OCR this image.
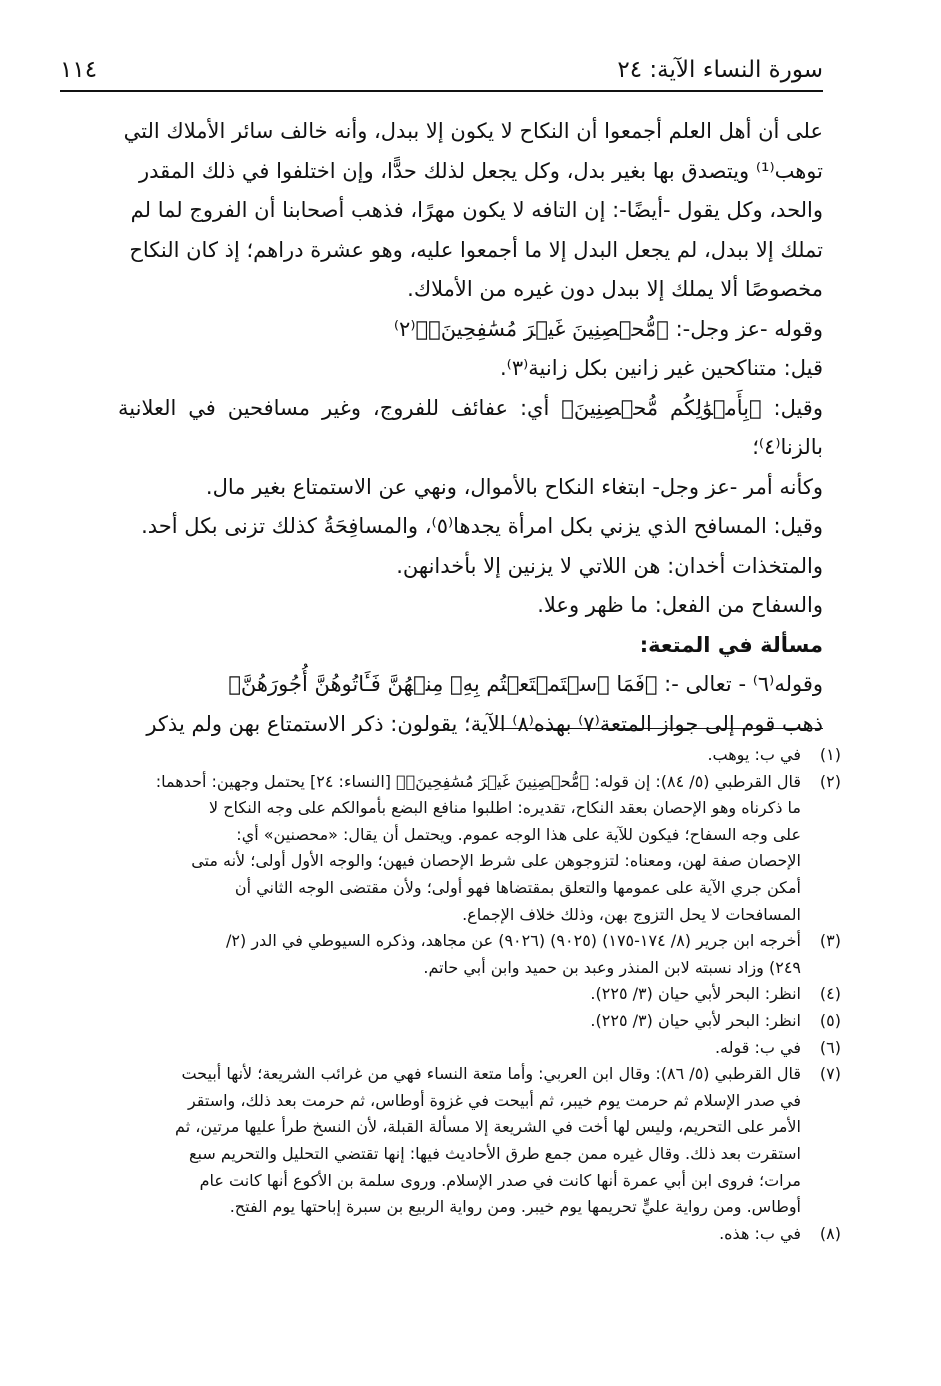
سورة النساء الآية: ٢٤
١١٤

على أن أهل العلم أجمعوا أن النكاح لا يكون إلا ببدل، وأنه خالف سائر الأملاك التي

توهب⁽¹⁾ ويتصدق بها بغير بدل، وكل يجعل لذلك حدًّا، وإن اختلفوا في ذلك المقدر

والحد، وكل يقول -أيضًا-: إن التافه لا يكون مهرًا، فذهب أصحابنا أن الفروج لما لم

تملك إلا ببدل، لم يجعل البدل إلا ما أجمعوا عليه، وهو عشرة دراهم؛ إذ كان النكاح

مخصوصًا ألا يملك إلا ببدل دون غيره من الأملاك.

وقوله -عز وجل-: ﴿مُّحۡصِنِينَ غَيۡرَ مُسَٰفِحِينَۚ﴾⁽٢⁾

قيل: متناكحين غير زانين بكل زانية⁽٣⁾.

وقيل: ﴿بِأَمۡوَٰلِكُم مُّحۡصِنِينَ﴾ أي: عفائف للفروج، وغير مسافحين في العلانية بالزنا⁽٤⁾؛

وكأنه أمر -عز وجل- ابتغاء النكاح بالأموال، ونهي عن الاستمتاع بغير مال.

وقيل: المسافح الذي يزني بكل امرأة يجدها⁽٥⁾، والمسافِحَةُ كذلك تزنى بكل أحد.

والمتخذات أخدان: هن اللاتي لا يزنين إلا بأخدانهن.

والسفاح من الفعل: ما ظهر وعلا.

مسألة في المتعة:

وقوله⁽٦⁾ - تعالى -: ﴿فَمَا ٱسۡتَمۡتَعۡتُم بِهِۦ مِنۡهُنَّ فَـَٔاتُوهُنَّ أُجُورَهُنَّ﴾

ذهب قوم إلى جواز المتعة⁽٧⁾ بهذه⁽٨⁾ الآية؛ يقولون: ذكر الاستمتاع بهن ولم يذكر

(١)
في ب: يوهب.
(٢)
قال القرطبي (٥/ ٨٤): إن قوله: ﴿مُّحۡصِنِينَ غَيۡرَ مُسَٰفِحِينَۚ﴾ [النساء: ٢٤] يحتمل وجهين: أحدهما:
ما ذكرناه وهو الإحصان بعقد النكاح، تقديره: اطلبوا منافع البضع بأموالكم على وجه النكاح لا
على وجه السفاح؛ فيكون للآية على هذا الوجه عموم. ويحتمل أن يقال: «محصنين» أي:
الإحصان صفة لهن، ومعناه: لتزوجوهن على شرط الإحصان فيهن؛ والوجه الأول أولى؛ لأنه متى
أمكن جري الآية على عمومها والتعلق بمقتضاها فهو أولى؛ ولأن مقتضى الوجه الثاني أن
المسافحات لا يحل التزوج بهن، وذلك خلاف الإجماع.
(٣)
أخرجه ابن جرير (٨/ ١٧٤-١٧٥) (٩٠٢٥) (٩٠٢٦) عن مجاهد، وذكره السيوطي في الدر (٢/
٢٤٩) وزاد نسبته لابن المنذر وعبد بن حميد وابن أبي حاتم.
(٤)
انظر: البحر لأبي حيان (٣/ ٢٢٥).
(٥)
انظر: البحر لأبي حيان (٣/ ٢٢٥).
(٦)
في ب: قوله.
(٧)
قال القرطبي (٥/ ٨٦): وقال ابن العربي: وأما متعة النساء فهي من غرائب الشريعة؛ لأنها أبيحت
في صدر الإسلام ثم حرمت يوم خيبر، ثم أبيحت في غزوة أوطاس، ثم حرمت بعد ذلك، واستقر
الأمر على التحريم، وليس لها أخت في الشريعة إلا مسألة القبلة، لأن النسخ طرأ عليها مرتين، ثم
استقرت بعد ذلك. وقال غيره ممن جمع طرق الأحاديث فيها: إنها تقتضي التحليل والتحريم سبع
مرات؛ فروى ابن أبي عمرة أنها كانت في صدر الإسلام. وروى سلمة بن الأكوع أنها كانت عام
أوطاس. ومن رواية عليٍّ تحريمها يوم خيبر. ومن رواية الربيع بن سبرة إباحتها يوم الفتح.
(٨)
في ب: هذه.
